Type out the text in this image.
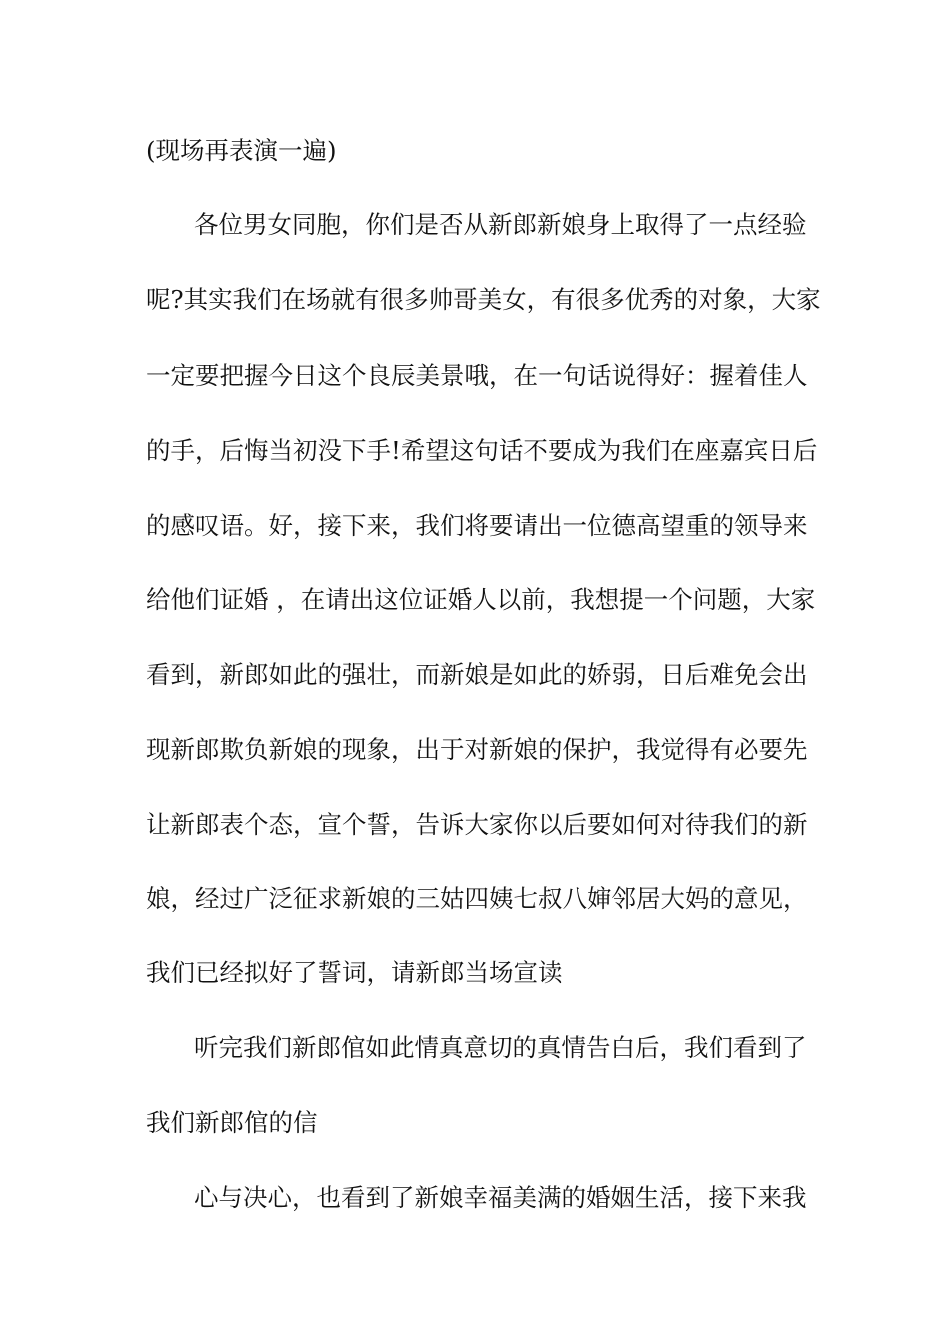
(现场再表演一遍)
各位男女同胞，你们是否从新郎新娘身上取得了一点经验
呢?其实我们在场就有很多帅哥美女，有很多优秀的对象，大家
一定要把握今日这个良辰美景哦，在一句话说得好：握着佳人
的手，后悔当初没下手!希望这句话不要成为我们在座嘉宾日后
的感叹语。好，接下来，我们将要请出一位德高望重的领导来
给他们证婚 ，在请出这位证婚人以前，我想提一个问题，大家
看到，新郎如此的强壮，而新娘是如此的娇弱，日后难免会出
现新郎欺负新娘的现象，出于对新娘的保护，我觉得有必要先
让新郎表个态，宣个誓，告诉大家你以后要如何对待我们的新
娘，经过广泛征求新娘的三姑四姨七叔八婶邻居大妈的意见，
我们已经拟好了誓词，请新郎当场宣读
听完我们新郎倌如此情真意切的真情告白后，我们看到了
我们新郎倌的信
心与决心，也看到了新娘幸福美满的婚姻生活，接下来我
